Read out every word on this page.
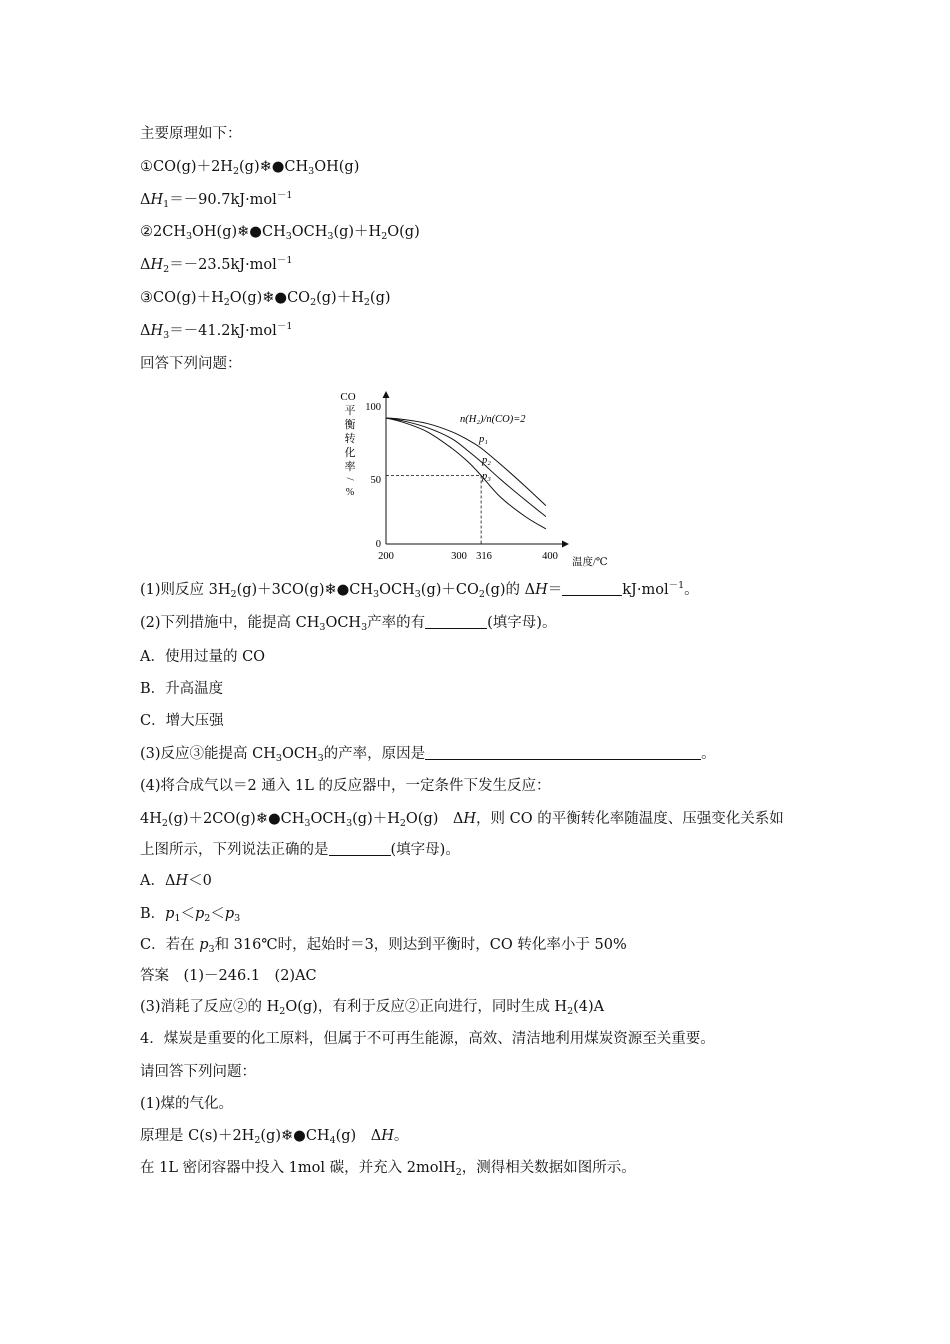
主要原理如下：

$①CO(g)+2H_2(g)❄●CH_3OH(g)$

$\Delta H_1=-90.7kJ\cdot mol^{-1}$

$②2CH_3OH(g)❄●CH_3OCH_3(g)+H_2O(g)$

$\Delta H_2=-23.5kJ\cdot mol^{-1}$

$③CO(g)+H_2O(g)❄●CO_2(g)+H_2(g)$

$\Delta H_3=-41.2kJ\cdot mol^{-1}$

回答下列问题：

CO
平
衡
转
化
率
/
%
100
50
0
200	300 316	400
温度/℃
n(H₂)/n(CO)=2
p₁
p₂
p₃

(1)则反应 $3H_2(g)+3CO(g)❄●CH_3OCH_3(g)+CO_2(g)$的 ΔH＝	kJ·mol$^{-1}$。

(2)下列措施中，能提高 $CH_3OCH_3$产率的有	(填字母)。

A．使用过量的 CO

B．升高温度

C．增大压强

(3)反应③能提高 $CH_3OCH_3$的产率，原因是	。

(4)将合成气以＝2 通入 1L 的反应器中，一定条件下发生反应：

$4H_2(g)+2CO(g)❄●CH_3OCH_3(g)+H_2O(g)$　ΔH，则 CO 的平衡转化率随温度、压强变化关系如

上图所示，下列说法正确的是	(填字母)。

A．ΔH＜0

B．$p_1<p_2<p_3$

C．若在 $p_3$和 316℃时，起始时＝3，则达到平衡时，CO 转化率小于 50%

答案　(1)－246.1　(2)AC

(3)消耗了反应②的 $H_2O(g)$，有利于反应②正向进行，同时生成 $H_2(4)A$

4．煤炭是重要的化工原料，但属于不可再生能源，高效、清洁地利用煤炭资源至关重要。

请回答下列问题：

(1)煤的气化。

原理是 $C(s)+2H_2(g)❄●CH_4(g)$　ΔH。

在 1L 密闭容器中投入 1mol 碳，并充入 2molH$_2$，测得相关数据如图所示。
